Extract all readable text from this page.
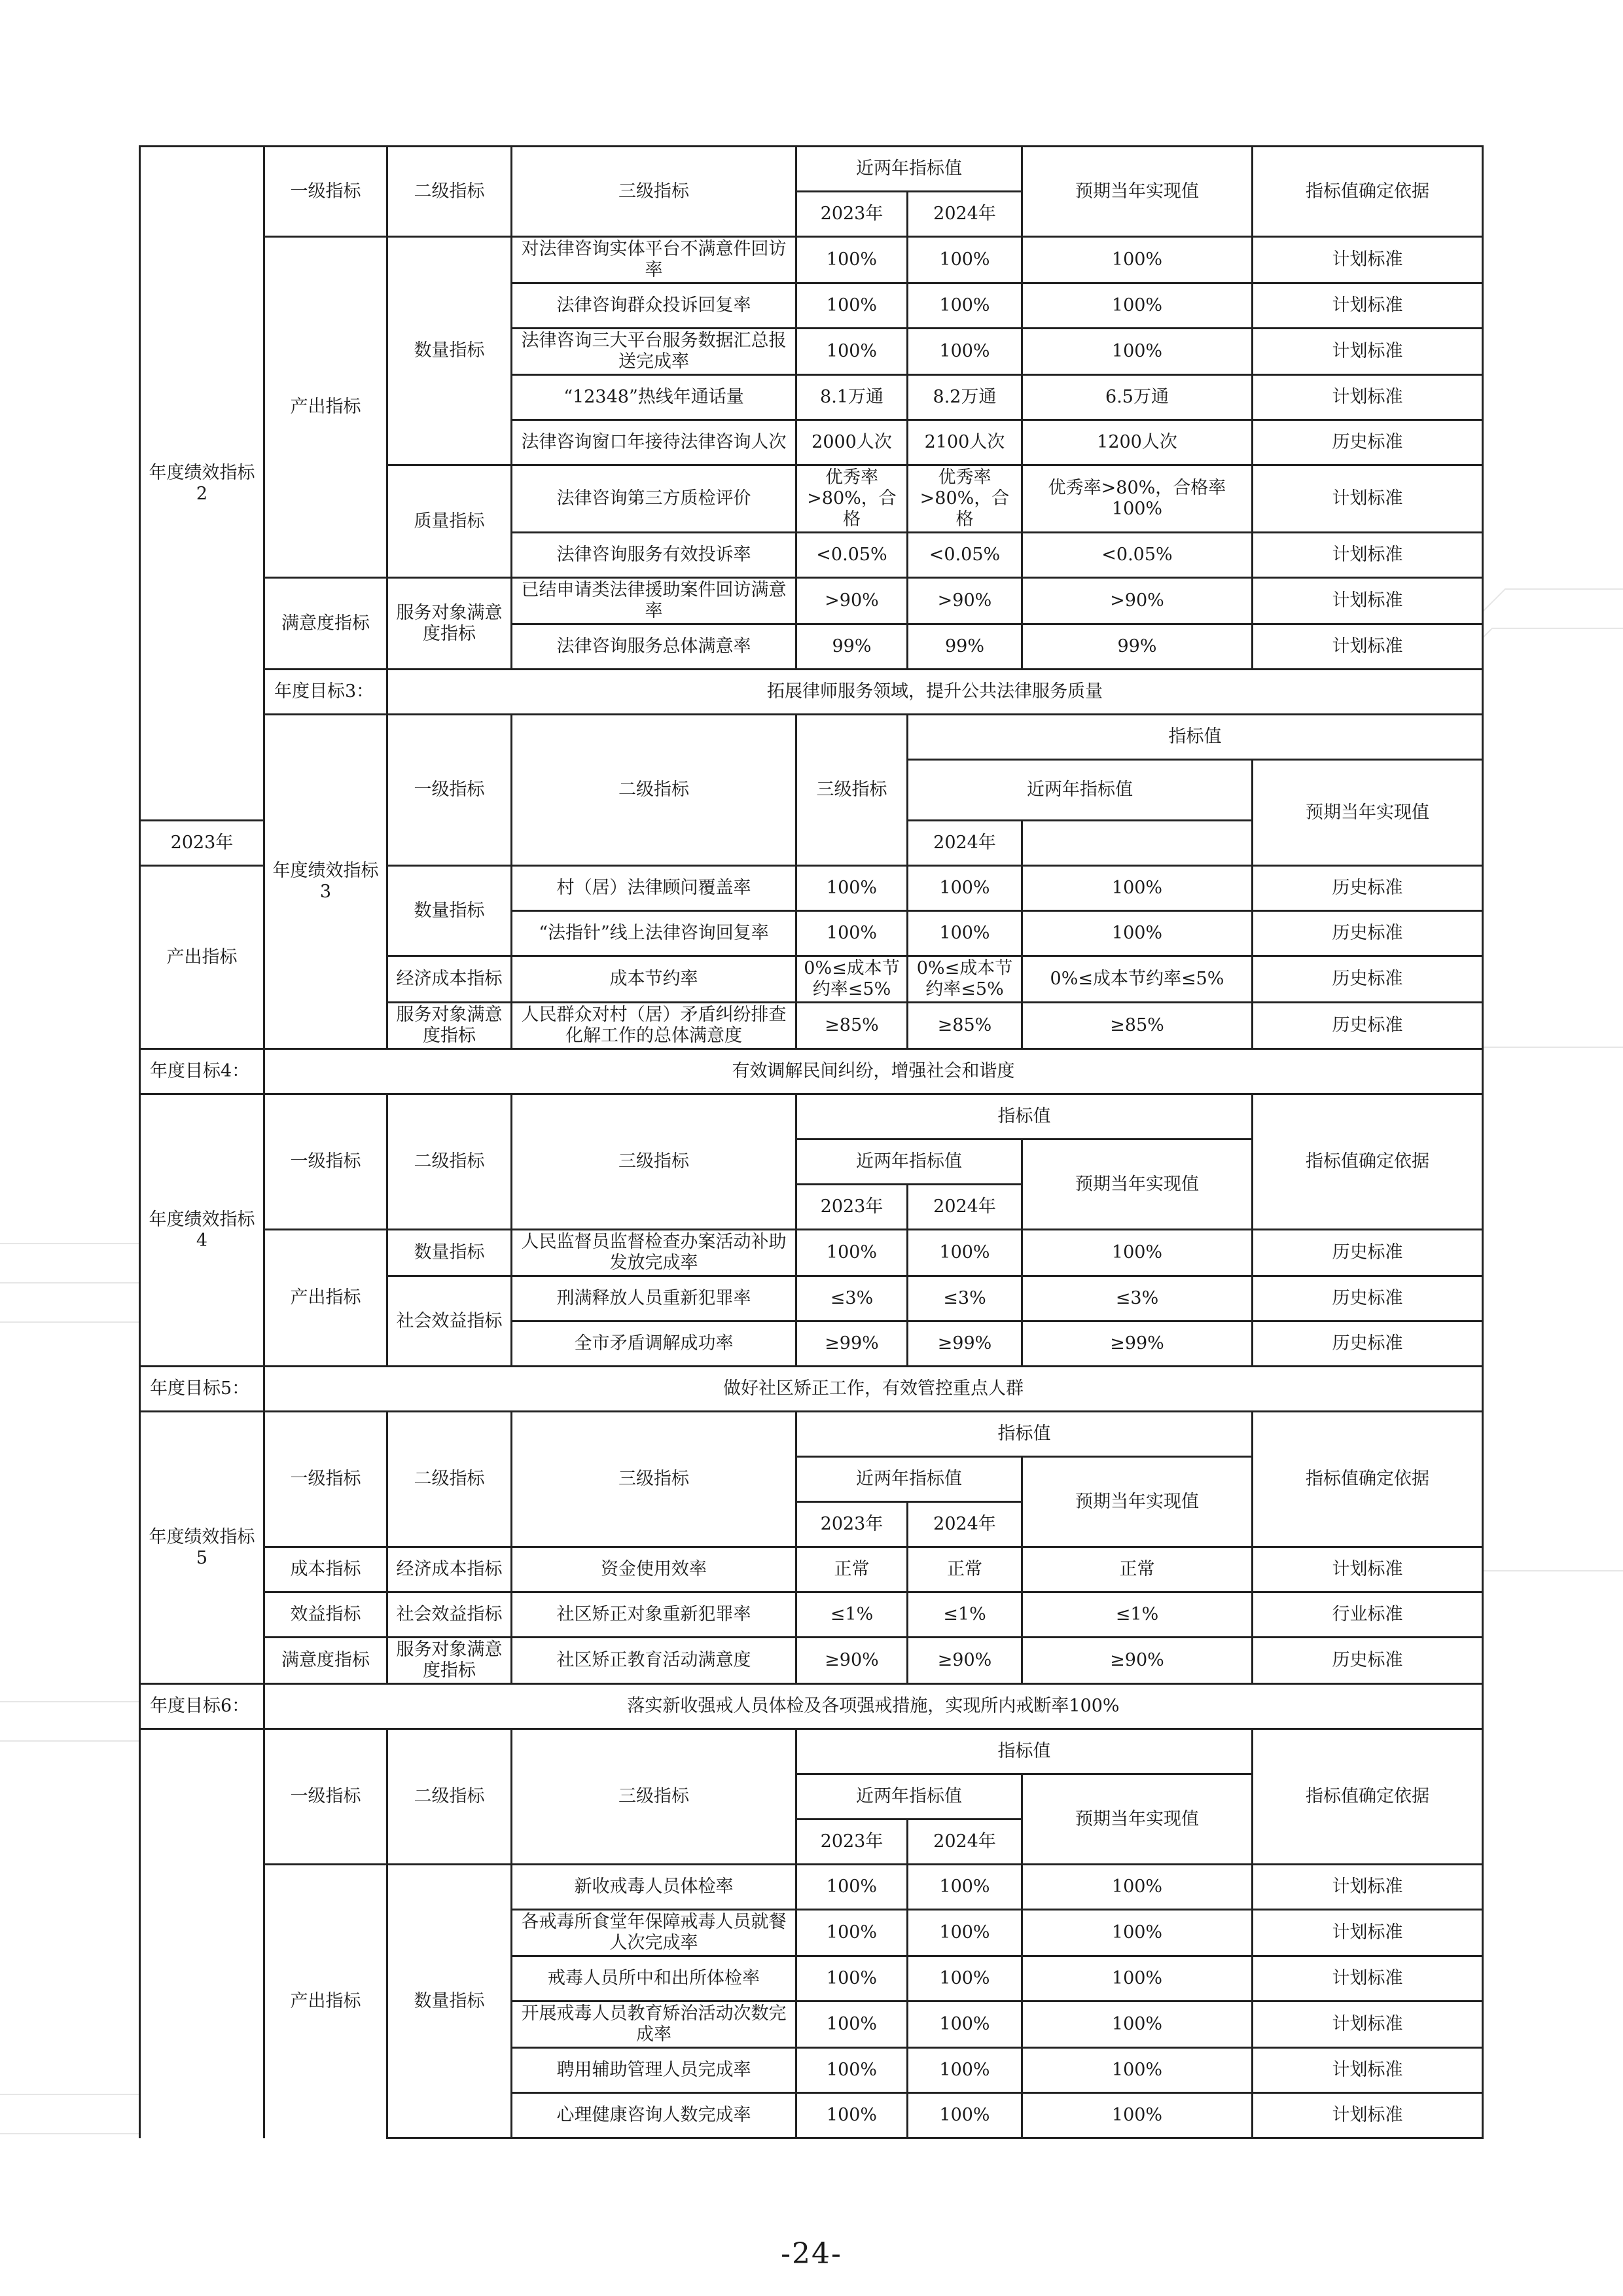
年度绩效指标2	一级指标	二级指标	三级指标	近两年指标值		预期当年实现值	指标值确定依据	
				2023年	2024年			
	产出指标	数量指标	对法律咨询实体平台不满意件回访率	100%	100%	100%	计划标准	
			法律咨询群众投诉回复率	100%	100%	100%	计划标准	
			法律咨询三大平台服务数据汇总报送完成率	100%	100%	100%	计划标准	
			“12348”热线年通话量	8.1万通	8.2万通	6.5万通	计划标准	
			法律咨询窗口年接待法律咨询人次	2000人次	2100人次	1200人次	历史标准	
		质量指标	法律咨询第三方质检评价	优秀率>80%，合格	优秀率>80%，合格	优秀率>80%，合格率100%	计划标准	
			法律咨询服务有效投诉率	<0.05%	<0.05%	<0.05%	计划标准	
	满意度指标	服务对象满意度指标	已结申请类法律援助案件回访满意率	>90%	>90%	>90%	计划标准	
			法律咨询服务总体满意率	99%	99%	99%	计划标准	
	年度目标3：	拓展律师服务领域，提升公共法律服务质量						
	年度绩效指标3	一级指标	二级指标	三级指标	指标值	
					近两年指标值		预期当年实现值	
2023年					2024年			
产出指标		数量指标	村（居）法律顾问覆盖率	100%	100%	100%	历史标准	
			“法指针”线上法律咨询回复率	100%	100%	100%	历史标准	
		经济成本指标	成本节约率	0%≤成本节约率≤5%	0%≤成本节约率≤5%	0%≤成本节约率≤5%	历史标准	
		服务对象满意度指标	人民群众对村（居）矛盾纠纷排查化解工作的总体满意度	≥85%	≥85%	≥85%	历史标准	
年度目标4：	有效调解民间纠纷，增强社会和谐度							
年度绩效指标4	一级指标	二级指标	三级指标	指标值			指标值确定依据	
				近两年指标值		预期当年实现值		
				2023年	2024年			
	产出指标	数量指标	人民监督员监督检查办案活动补助发放完成率	100%	100%	100%	历史标准	
		社会效益指标	刑满释放人员重新犯罪率	≤3%	≤3%	≤3%	历史标准	
			全市矛盾调解成功率	≥99%	≥99%	≥99%	历史标准	
年度目标5：	做好社区矫正工作，有效管控重点人群							
年度绩效指标5	一级指标	二级指标	三级指标	指标值			指标值确定依据	
				近两年指标值		预期当年实现值		
				2023年	2024年			
	成本指标	经济成本指标	资金使用效率	正常	正常	正常	计划标准	
	效益指标	社会效益指标	社区矫正对象重新犯罪率	≤1%	≤1%	≤1%	行业标准	
	满意度指标	服务对象满意度指标	社区矫正教育活动满意度	≥90%	≥90%	≥90%	历史标准	
年度目标6：	落实新收强戒人员体检及各项强戒措施，实现所内戒断率100%							
	一级指标	二级指标	三级指标	指标值			指标值确定依据	
				近两年指标值		预期当年实现值		
				2023年	2024年			
	产出指标	数量指标	新收戒毒人员体检率	100%	100%	100%	计划标准	
			各戒毒所食堂年保障戒毒人员就餐人次完成率	100%	100%	100%	计划标准	
			戒毒人员所中和出所体检率	100%	100%	100%	计划标准	
			开展戒毒人员教育矫治活动次数完成率	100%	100%	100%	计划标准	
			聘用辅助管理人员完成率	100%	100%	100%	计划标准	
			心理健康咨询人数完成率	100%	100%	100%	计划标准	
-24-
